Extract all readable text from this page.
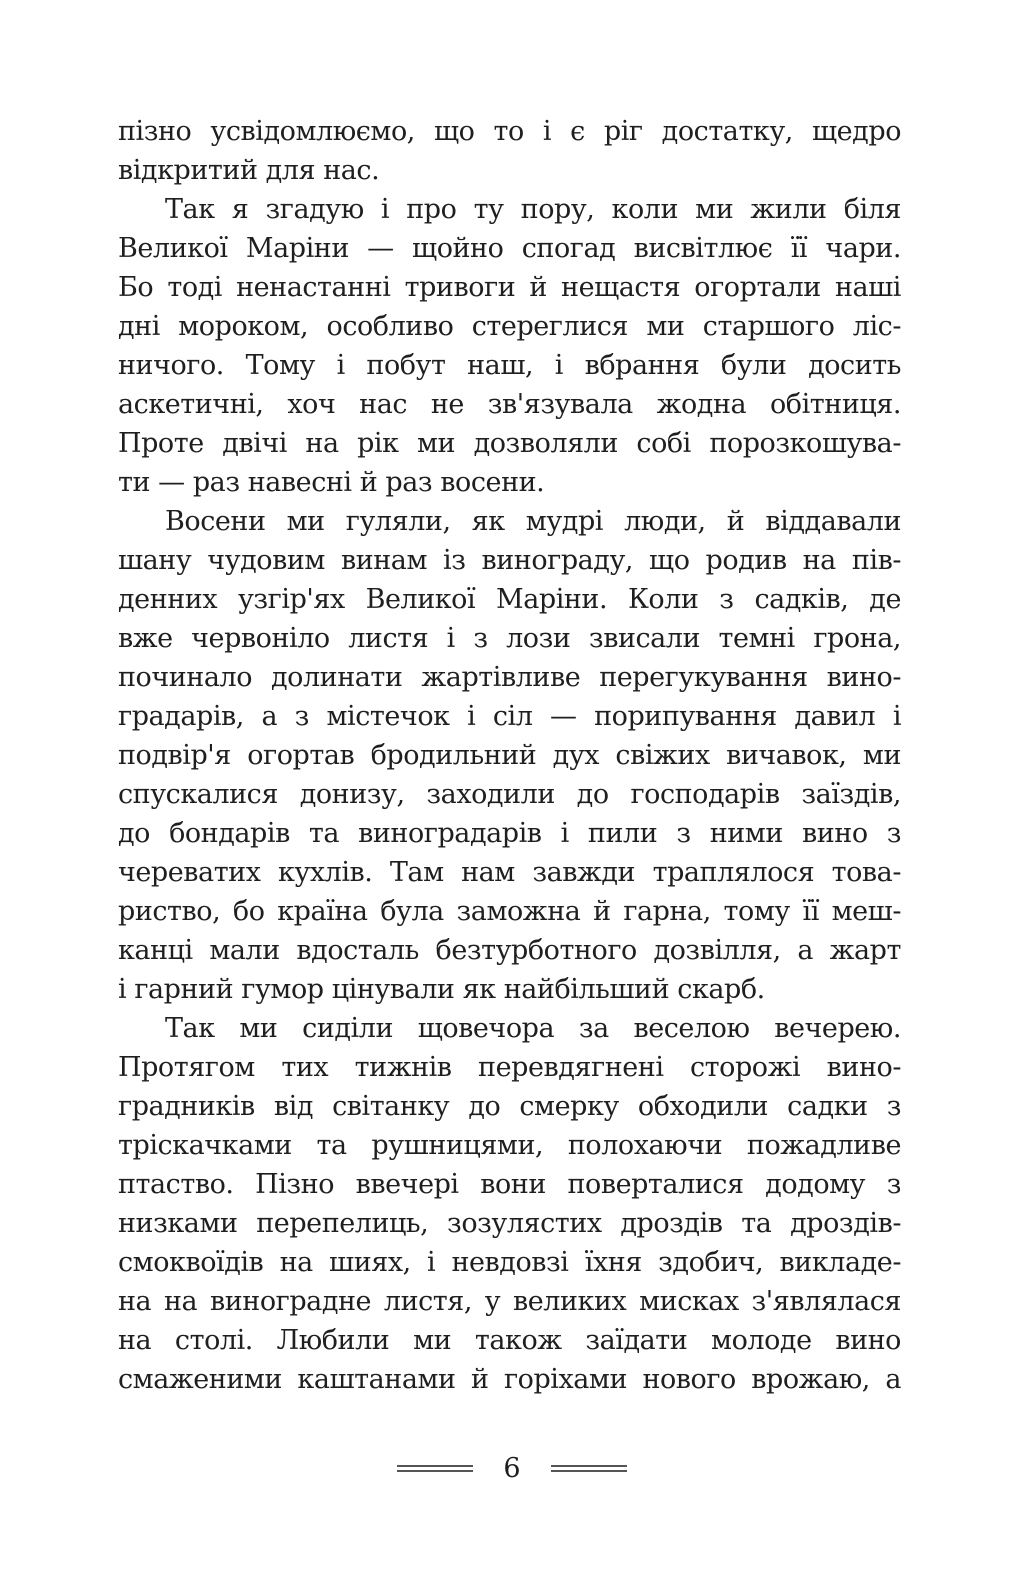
пізно усвідомлюємо, що то і є ріг достатку, щедро
відкритий для нас.
Так я згадую і про ту пору, коли ми жили біля
Великої Маріни — щойно спогад висвітлює її чари.
Бо тоді ненастанні тривоги й нещастя огортали наші
дні мороком, особливо стереглися ми старшого ліс-
ничого. Тому і побут наш, і вбрання були досить
аскетичні, хоч нас не зв'язувала жодна обітниця.
Проте двічі на рік ми дозволяли собі порозкошува-
ти — раз навесні й раз восени.
Восени ми гуляли, як мудрі люди, й віддавали
шану чудовим винам із винограду, що родив на пів-
денних узгір'ях Великої Маріни. Коли з садків, де
вже червоніло листя і з лози звисали темні грона,
починало долинати жартівливе перегукування вино-
градарів, а з містечок і сіл — порипування давил і
подвір'я огортав бродильний дух свіжих вичавок, ми
спускалися донизу, заходили до господарів заїздів,
до бондарів та виноградарів і пили з ними вино з
череватих кухлів. Там нам завжди траплялося това-
риство, бо країна була заможна й гарна, тому її меш-
канці мали вдосталь безтурботного дозвілля, а жарт
і гарний гумор цінували як найбільший скарб.
Так ми сиділи щовечора за веселою вечерею.
Протягом тих тижнів перевдягнені сторожі вино-
градників від світанку до смерку обходили садки з
тріскачками та рушницями, полохаючи пожадливе
птаство. Пізно ввечері вони поверталися додому з
низками перепелиць, зозулястих дроздів та дроздів-
смоквоїдів на шиях, і невдовзі їхня здобич, викладе-
на на виноградне листя, у великих мисках з'являлася
на столі. Любили ми також заїдати молоде вино
смаженими каштанами й горіхами нового врожаю, а
6
